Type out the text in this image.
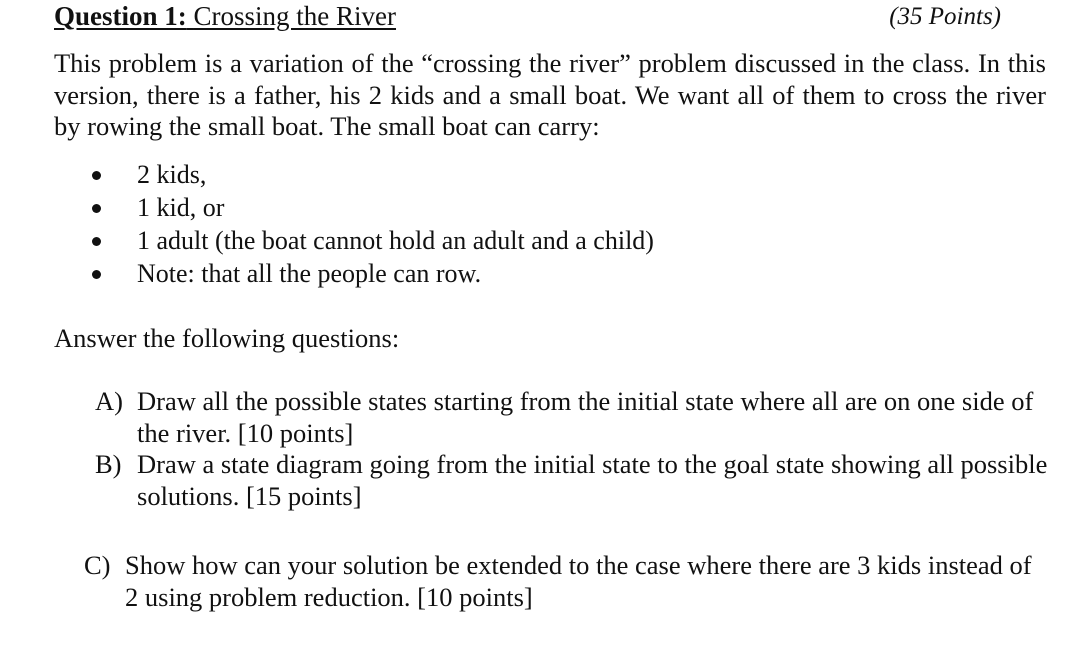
Question 1: Crossing the River	(35 Points)

This problem is a variation of the “crossing the river” problem discussed in the class. In this version, there is a father, his 2 kids and a small boat. We want all of them to cross the river by rowing the small boat. The small boat can carry:

2 kids,
1 kid, or
1 adult (the boat cannot hold an adult and a child)
Note: that all the people can row.
Answer the following questions:
A) Draw all the possible states starting from the initial state where all are on one side of the river. [10 points]
B) Draw a state diagram going from the initial state to the goal state showing all possible solutions. [15 points]
C) Show how can your solution be extended to the case where there are 3 kids instead of 2 using problem reduction. [10 points]
